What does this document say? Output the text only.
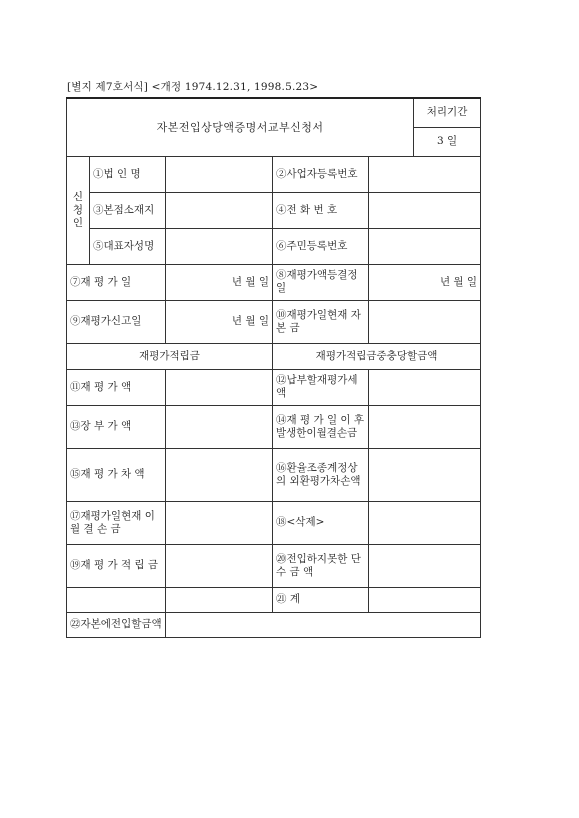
[별지 제7호서식] <개정 1974.12.31, 1998.5.23>
자본전입상당액증명서교부신청서					처리기간
					3 일
신
청
인	①법 인 명		②사업자등록번호		
	③본점소재지		④전 화 번 호		
	⑤대표자성명		⑥주민등록번호		
⑦재 평 가 일		년 월 일	⑧재평가액등결정일	년 월 일	
⑨재평가신고일		년 월 일	⑩재평가일현재 자 본 금		
재평가적립금			재평가적립금중충당할금액		
⑪재 평 가 액			⑫납부할재평가세액		
⑬장 부 가 액			⑭재 평 가 일 이 후 발생한이월결손금		
⑮재 평 가 차 액			⑯환율조종계정상 의 외환평가차손액		
⑰재평가일현재 이 월 결 손 금			⑱<삭제>		
⑲재 평 가 적 립 금			⑳전입하지못한 단 수 금 액		
			㉑ 계		
㉒자본에전입할금액					
